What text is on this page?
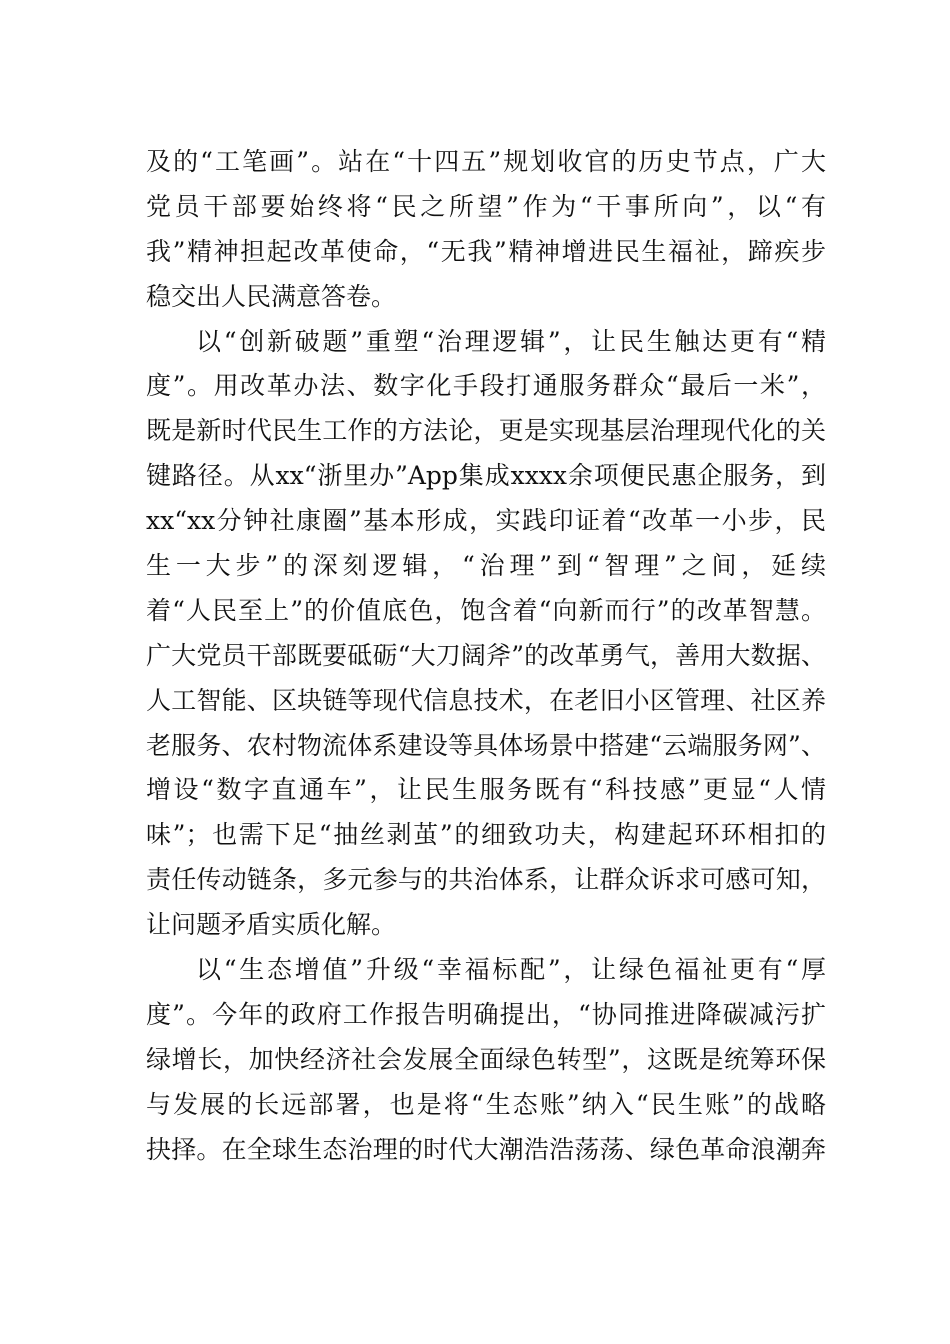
及的“工笔画”。站在“十四五”规划收官的历史节点，广大
党员干部要始终将“民之所望”作为“干事所向”，以“有
我”精神担起改革使命，“无我”精神增进民生福祉，蹄疾步
稳交出人民满意答卷。
以“创新破题”重塑“治理逻辑”，让民生触达更有“精
度”。用改革办法、数字化手段打通服务群众“最后一米”，
既是新时代民生工作的方法论，更是实现基层治理现代化的关
键路径。从xx“浙里办”App集成xxxx余项便民惠企服务，到
xx“xx分钟社康圈”基本形成，实践印证着“改革一小步，民
生一大步”的深刻逻辑，“治理”到“智理”之间，延续
着“人民至上”的价值底色，饱含着“向新而行”的改革智慧。
广大党员干部既要砥砺“大刀阔斧”的改革勇气，善用大数据、
人工智能、区块链等现代信息技术，在老旧小区管理、社区养
老服务、农村物流体系建设等具体场景中搭建“云端服务网”、
增设“数字直通车”，让民生服务既有“科技感”更显“人情
味”；也需下足“抽丝剥茧”的细致功夫，构建起环环相扣的
责任传动链条，多元参与的共治体系，让群众诉求可感可知，
让问题矛盾实质化解。
以“生态增值”升级“幸福标配”，让绿色福祉更有“厚
度”。今年的政府工作报告明确提出，“协同推进降碳减污扩
绿增长，加快经济社会发展全面绿色转型”，这既是统筹环保
与发展的长远部署，也是将“生态账”纳入“民生账”的战略
抉择。在全球生态治理的时代大潮浩浩荡荡、绿色革命浪潮奔
